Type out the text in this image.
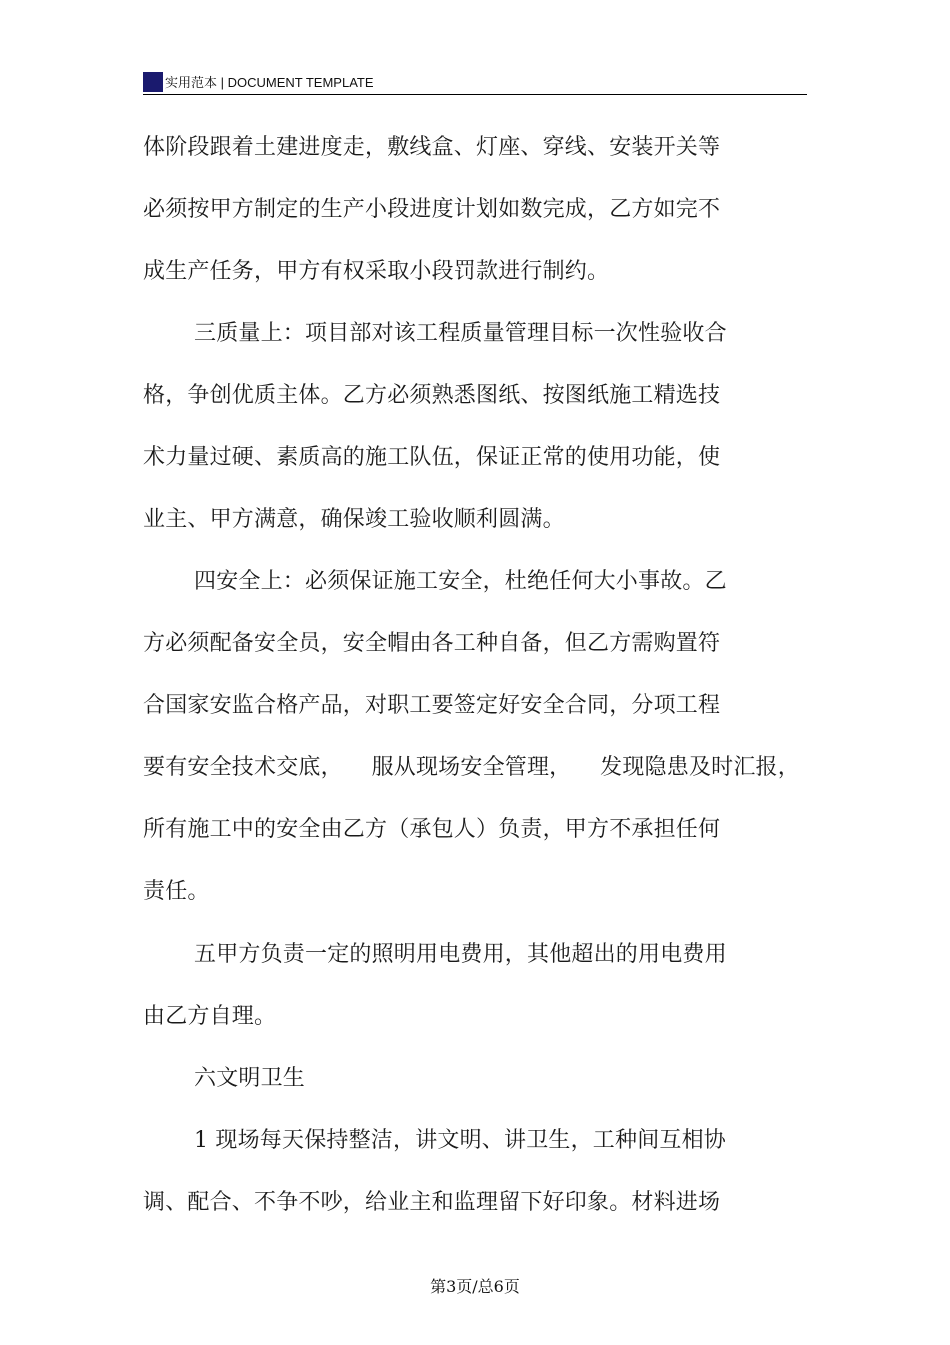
实用范本 | DOCUMENT TEMPLATE
体阶段跟着土建进度走，敷线盒、灯座、穿线、安装开关等
必须按甲方制定的生产小段进度计划如数完成，乙方如完不
成生产任务，甲方有权采取小段罚款进行制约。
三质量上：项目部对该工程质量管理目标一次性验收合
格，争创优质主体。乙方必须熟悉图纸、按图纸施工精选技
术力量过硬、素质高的施工队伍，保证正常的使用功能，使
业主、甲方满意，确保竣工验收顺利圆满。
四安全上：必须保证施工安全，杜绝任何大小事故。乙
方必须配备安全员，安全帽由各工种自备，但乙方需购置符
合国家安监合格产品，对职工要签定好安全合同，分项工程
要有安全技术交底，    服从现场安全管理，    发现隐患及时汇报，
所有施工中的安全由乙方（承包人）负责，甲方不承担任何
责任。
五甲方负责一定的照明用电费用，其他超出的用电费用
由乙方自理。
六文明卫生
1 现场每天保持整洁，讲文明、讲卫生，工种间互相协
调、配合、不争不吵，给业主和监理留下好印象。材料进场
第3页/总6页
